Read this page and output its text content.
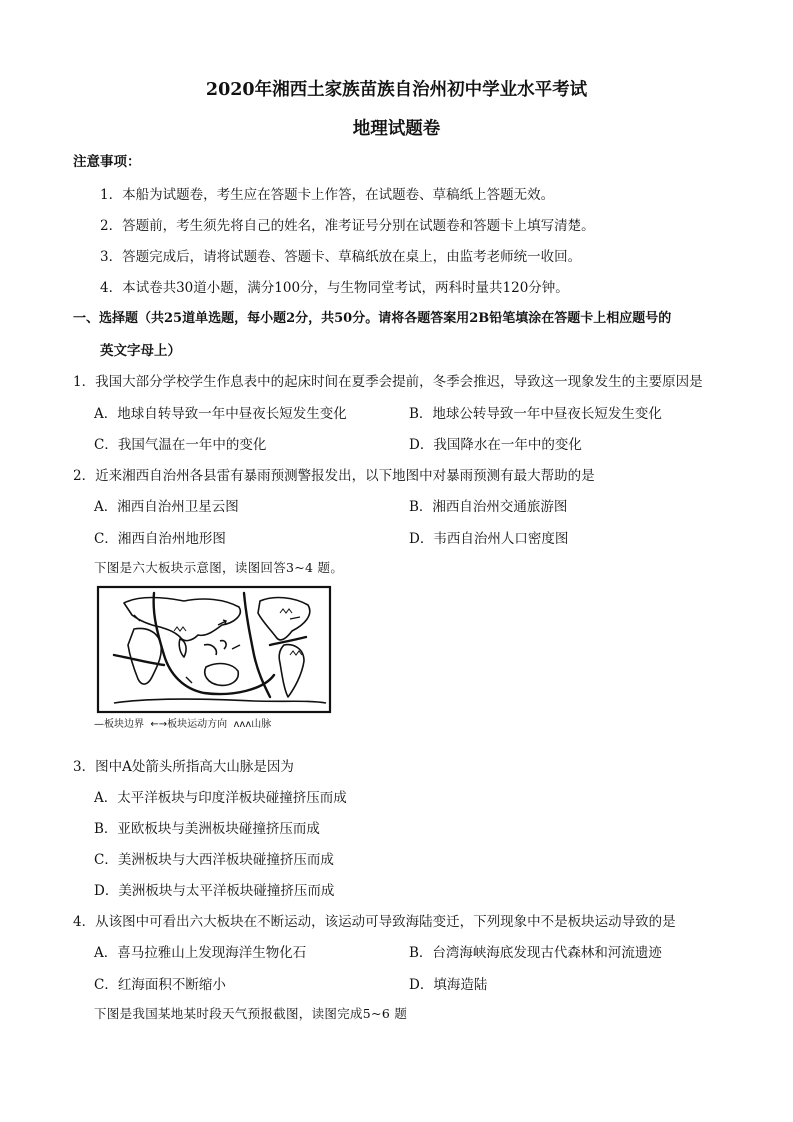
2020年湘西土家族苗族自治州初中学业水平考试
地理试题卷
注意事项：
1．本船为试题卷，考生应在答题卡上作答，在试题卷、草稿纸上答题无效。
2．答题前，考生须先将自己的姓名，准考证号分别在试题卷和答题卡上填写清楚。
3．答题完成后，请将试题卷、答题卡、草稿纸放在桌上，由监考老师统一收回。
4．本试卷共30道小题，满分100分，与生物同堂考试，两科时量共120分钟。
一、选择题（共25道单选题，每小题2分，共50分。请将各题答案用2B铅笔填涂在答题卡上相应题号的
英文字母上）
1．我国大部分学校学生作息表中的起床时间在夏季会提前，冬季会推迟，导致这一现象发生的主要原因是
A．地球自转导致一年中昼夜长短发生变化	B．地球公转导致一年中昼夜长短发生变化
C．我国气温在一年中的变化	D．我国降水在一年中的变化
2．近来湘西自治州各县雷有暴雨预测警报发出，以下地图中对暴雨预测有最大帮助的是
A．湘西自治州卫星云图	B．湘西自治州交通旅游图
C．湘西自治州地形图	D．韦西自治州人口密度图
下图是六大板块示意图，读图回答3~4 题。
—板块边界  ←→板块运动方向  ᴧᴧᴧ山脉
3．图中A处箭头所指高大山脉是因为
A．太平洋板块与印度洋板块碰撞挤压而成
B．亚欧板块与美洲板块碰撞挤压而成
C．美洲板块与大西洋板块碰撞挤压而成
D．美洲板块与太平洋板块碰撞挤压而成
4．从该图中可看出六大板块在不断运动，该运动可导致海陆变迁，下列现象中不是板块运动导致的是
A．喜马拉雅山上发现海洋生物化石	B．台湾海峡海底发现古代森林和河流遗迹
C．红海面积不断缩小	D．填海造陆
下图是我国某地某时段天气预报截图，读图完成5~6 题
